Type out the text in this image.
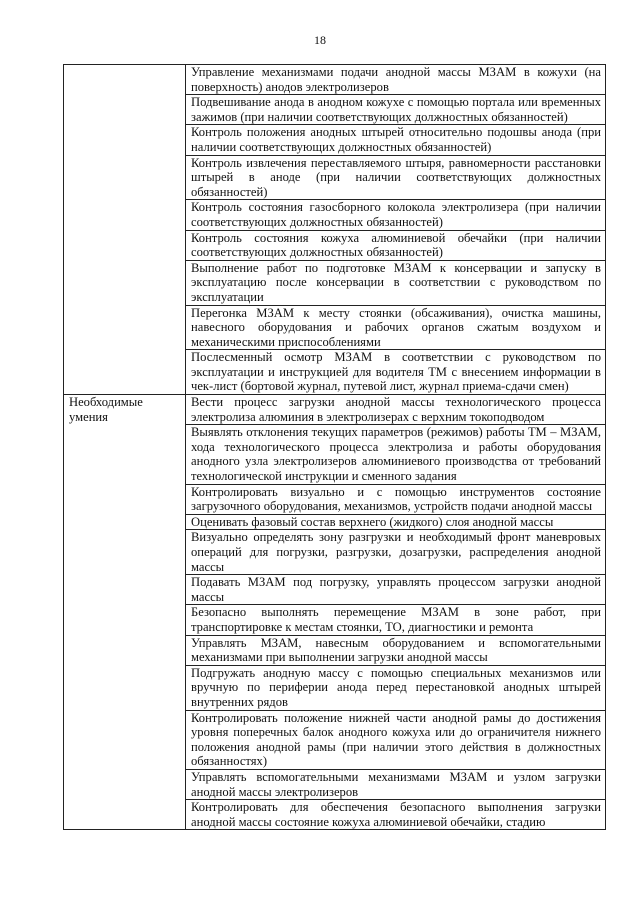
18
	Управление механизмами подачи анодной массы МЗАМ в кожухи (на поверхность) анодов электролизеров
	Подвешивание анода в анодном кожухе с помощью портала или временных зажимов (при наличии соответствующих должностных обязанностей)
	Контроль положения анодных штырей относительно подошвы анода (при наличии соответствующих должностных обязанностей)
	Контроль извлечения переставляемого штыря, равномерности расстановки штырей в аноде (при наличии соответствующих должностных обязанностей)
	Контроль состояния газосборного колокола электролизера (при наличии соответствующих должностных обязанностей)
	Контроль состояния кожуха алюминиевой обечайки (при наличии соответствующих должностных обязанностей)
	Выполнение работ по подготовке МЗАМ к консервации и запуску в эксплуатацию после консервации в соответствии с руководством по эксплуатации
	Перегонка МЗАМ к месту стоянки (обсаживания), очистка машины, навесного оборудования и рабочих органов сжатым воздухом и механическими приспособлениями
	Послесменный осмотр МЗАМ в соответствии с руководством по эксплуатации и инструкцией для водителя ТМ с внесением информации в чек-лист (бортовой журнал, путевой лист, журнал приема-сдачи смен)
Необходимые умения	Вести процесс загрузки анодной массы технологического процесса электролиза алюминия в электролизерах с верхним токоподводом
	Выявлять отклонения текущих параметров (режимов) работы ТМ – МЗАМ, хода технологического процесса электролиза и работы оборудования анодного узла электролизеров алюминиевого производства от требований технологической инструкции и сменного задания
	Контролировать визуально и с помощью инструментов состояние загрузочного оборудования, механизмов, устройств подачи анодной массы
	Оценивать фазовый состав верхнего (жидкого) слоя анодной массы
	Визуально определять зону разгрузки и необходимый фронт маневровых операций для погрузки, разгрузки, дозагрузки, распределения анодной массы
	Подавать МЗАМ под погрузку, управлять процессом загрузки анодной массы
	Безопасно выполнять перемещение МЗАМ в зоне работ, при транспортировке к местам стоянки, ТО, диагностики и ремонта
	Управлять МЗАМ, навесным оборудованием и вспомогательными механизмами при выполнении загрузки анодной массы
	Подгружать анодную массу с помощью специальных механизмов или вручную по периферии анода перед перестановкой анодных штырей внутренних рядов
	Контролировать положение нижней части анодной рамы до достижения уровня поперечных балок анодного кожуха или до ограничителя нижнего положения анодной рамы (при наличии этого действия в должностных обязанностях)
	Управлять вспомогательными механизмами МЗАМ и узлом загрузки анодной массы электролизеров
	Контролировать для обеспечения безопасного выполнения загрузки анодной массы состояние кожуха алюминиевой обечайки, стадию
